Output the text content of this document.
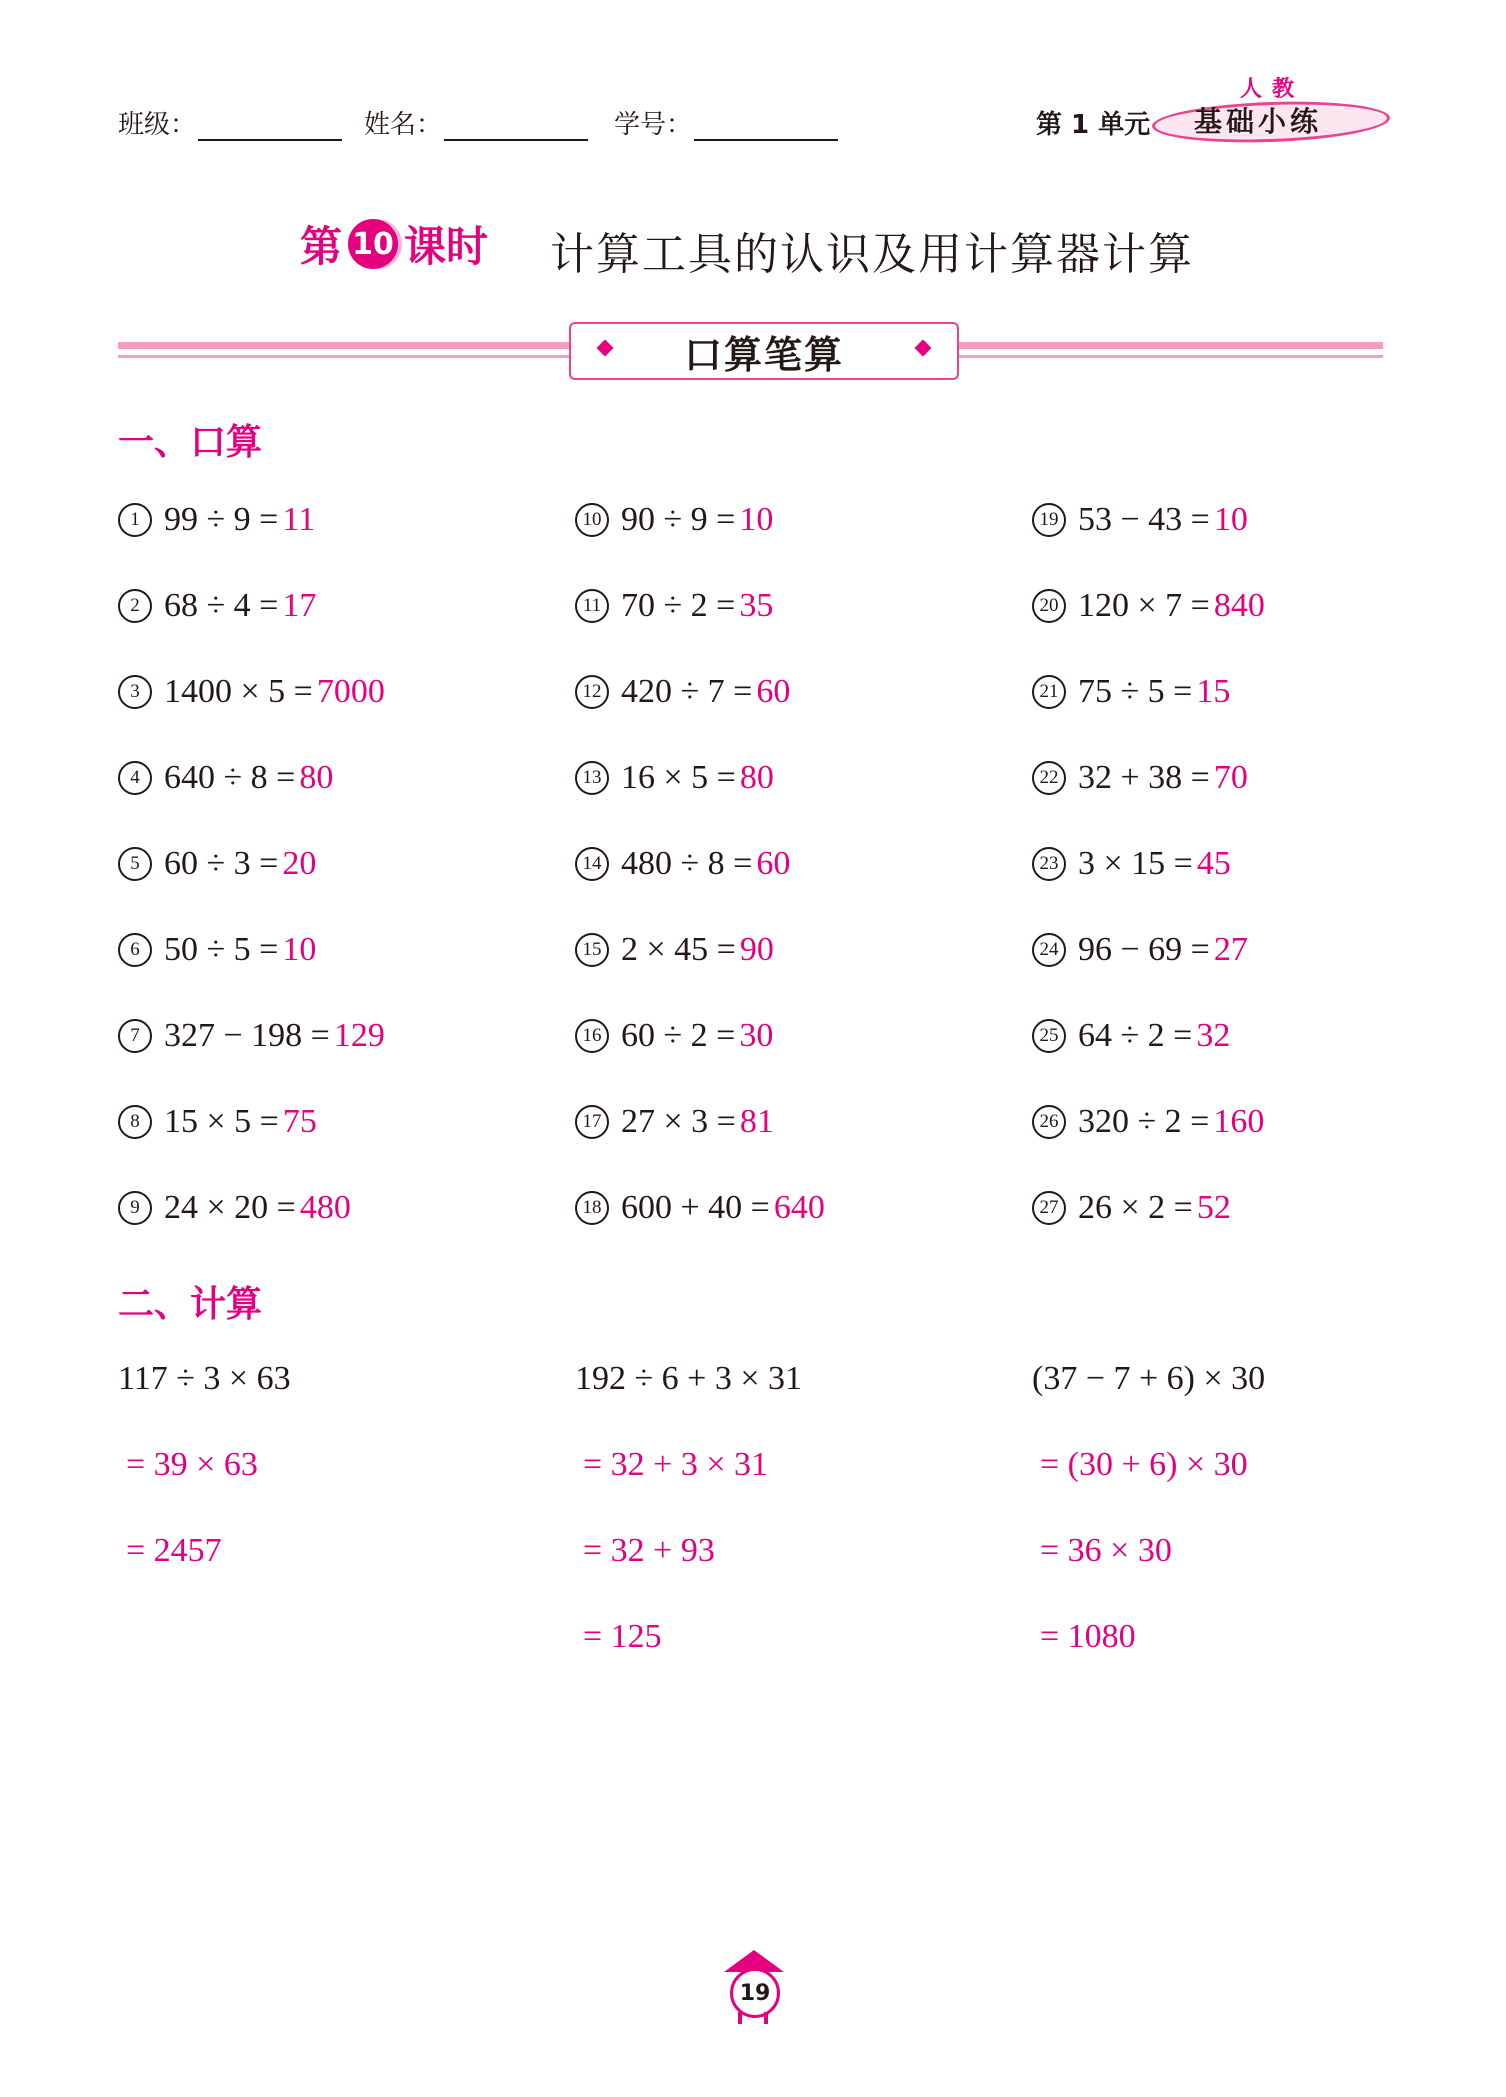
班级：	姓名：	学号：	第 1 单元
人教
基础小练
第 10 课时 计算工具的认识及用计算器计算
口算笔算
一、口算
1 99 ÷ 9 = 11
2 68 ÷ 4 = 17
3 1400 × 5 = 7000
4 640 ÷ 8 = 80
5 60 ÷ 3 = 20
6 50 ÷ 5 = 10
7 327 − 198 = 129
8 15 × 5 = 75
9 24 × 20 = 480
10 90 ÷ 9 = 10
11 70 ÷ 2 = 35
12 420 ÷ 7 = 60
13 16 × 5 = 80
14 480 ÷ 8 = 60
15 2 × 45 = 90
16 60 ÷ 2 = 30
17 27 × 3 = 81
18 600 + 40 = 640
19 53 − 43 = 10
20 120 × 7 = 840
21 75 ÷ 5 = 15
22 32 + 38 = 70
23 3 × 15 = 45
24 96 − 69 = 27
25 64 ÷ 2 = 32
26 320 ÷ 2 = 160
27 26 × 2 = 52
二、计算
117 ÷ 3 × 63
= 39 × 63
= 2457
192 ÷ 6 + 3 × 31
= 32 + 3 × 31
= 32 + 93
= 125
(37 − 7 + 6) × 30
= (30 + 6) × 30
= 36 × 30
= 1080
19
